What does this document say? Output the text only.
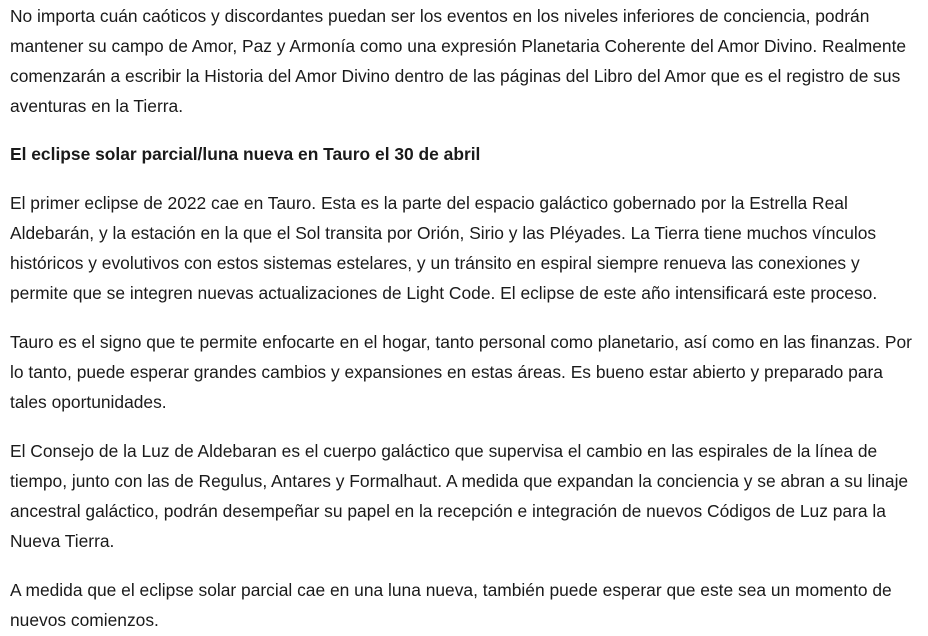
No importa cuán caóticos y discordantes puedan ser los eventos en los niveles inferiores de conciencia, podrán mantener su campo de Amor, Paz y Armonía como una expresión Planetaria Coherente del Amor Divino. Realmente comenzarán a escribir la Historia del Amor Divino dentro de las páginas del Libro del Amor que es el registro de sus aventuras en la Tierra.

El eclipse solar parcial/luna nueva en Tauro el 30 de abril

El primer eclipse de 2022 cae en Tauro. Esta es la parte del espacio galáctico gobernado por la Estrella Real Aldebarán, y la estación en la que el Sol transita por Orión, Sirio y las Pléyades. La Tierra tiene muchos vínculos históricos y evolutivos con estos sistemas estelares, y un tránsito en espiral siempre renueva las conexiones y permite que se integren nuevas actualizaciones de Light Code. El eclipse de este año intensificará este proceso.

Tauro es el signo que te permite enfocarte en el hogar, tanto personal como planetario, así como en las finanzas. Por lo tanto, puede esperar grandes cambios y expansiones en estas áreas. Es bueno estar abierto y preparado para tales oportunidades.

El Consejo de la Luz de Aldebaran es el cuerpo galáctico que supervisa el cambio en las espirales de la línea de tiempo, junto con las de Regulus, Antares y Formalhaut. A medida que expandan la conciencia y se abran a su linaje ancestral galáctico, podrán desempeñar su papel en la recepción e integración de nuevos Códigos de Luz para la Nueva Tierra.

A medida que el eclipse solar parcial cae en una luna nueva, también puede esperar que este sea un momento de nuevos comienzos.
